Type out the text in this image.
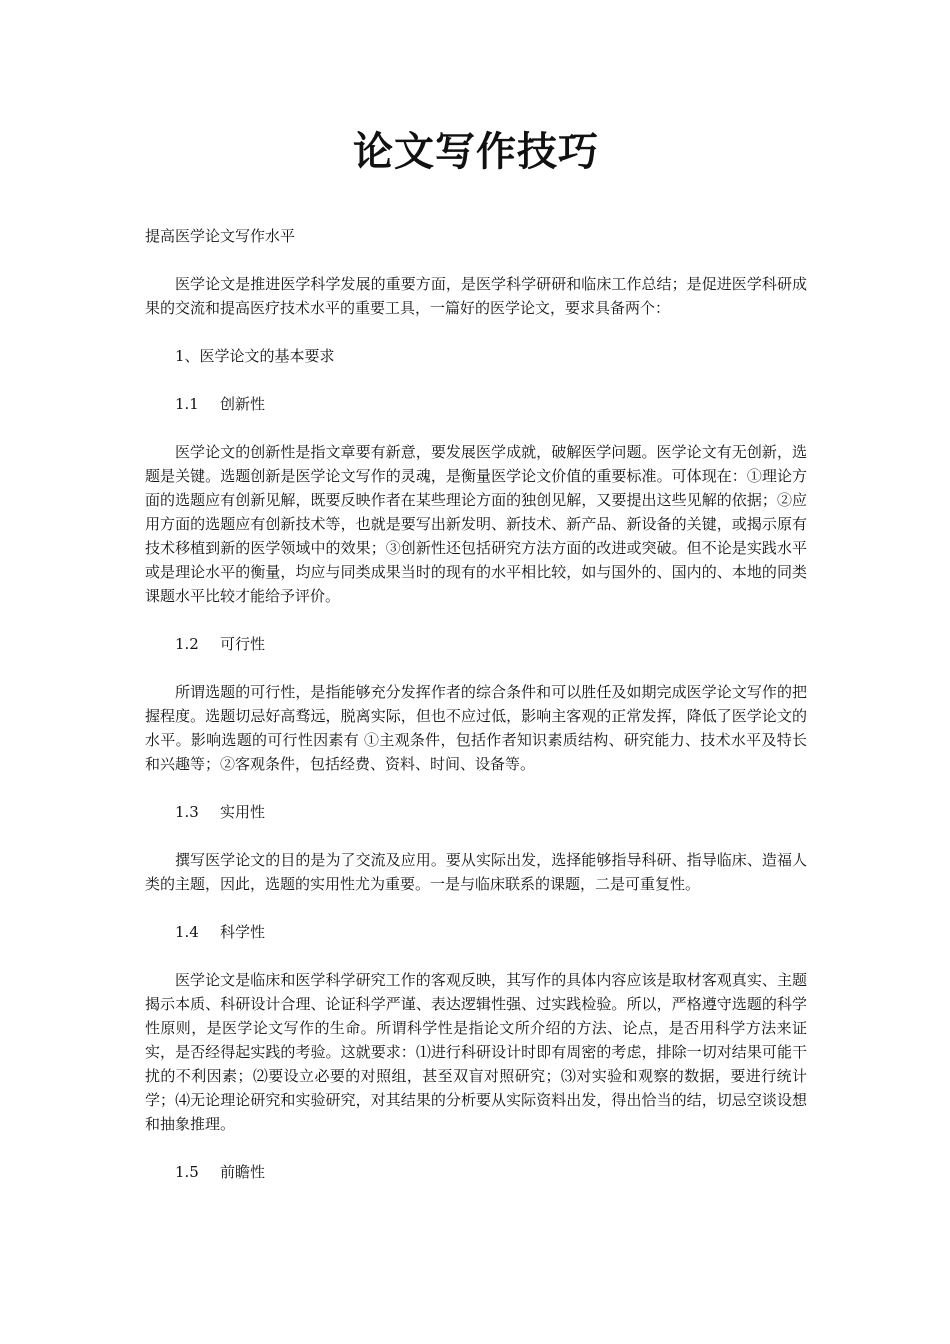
论文写作技巧

提高医学论文写作水平

医学论文是推进医学科学发展的重要方面，是医学科学研研和临床工作总结；是促进医学科研成果的交流和提高医疗技术水平的重要工具，一篇好的医学论文，要求具备两个：

1、医学论文的基本要求

1.1 创新性

医学论文的创新性是指文章要有新意，要发展医学成就，破解医学问题。医学论文有无创新，选题是关键。选题创新是医学论文写作的灵魂，是衡量医学论文价值的重要标准。可体现在：①理论方面的选题应有创新见解，既要反映作者在某些理论方面的独创见解，又要提出这些见解的依据；②应用方面的选题应有创新技术等，也就是要写出新发明、新技术、新产品、新设备的关键，或揭示原有技术移植到新的医学领域中的效果；③创新性还包括研究方法方面的改进或突破。但不论是实践水平或是理论水平的衡量，均应与同类成果当时的现有的水平相比较，如与国外的、国内的、本地的同类课题水平比较才能给予评价。

1.2 可行性

所谓选题的可行性，是指能够充分发挥作者的综合条件和可以胜任及如期完成医学论文写作的把握程度。选题切忌好高骛远，脱离实际，但也不应过低，影响主客观的正常发挥，降低了医学论文的水平。影响选题的可行性因素有 ①主观条件，包括作者知识素质结构、研究能力、技术水平及特长和兴趣等；②客观条件，包括经费、资料、时间、设备等。

1.3 实用性

撰写医学论文的目的是为了交流及应用。要从实际出发，选择能够指导科研、指导临床、造福人类的主题，因此，选题的实用性尤为重要。一是与临床联系的课题，二是可重复性。

1.4 科学性

医学论文是临床和医学科学研究工作的客观反映，其写作的具体内容应该是取材客观真实、主题揭示本质、科研设计合理、论证科学严谨、表达逻辑性强、过实践检验。所以，严格遵守选题的科学性原则，是医学论文写作的生命。所谓科学性是指论文所介绍的方法、论点，是否用科学方法来证实，是否经得起实践的考验。这就要求：⑴进行科研设计时即有周密的考虑，排除一切对结果可能干扰的不利因素；⑵要设立必要的对照组，甚至双盲对照研究；⑶对实验和观察的数据，要进行统计学；⑷无论理论研究和实验研究，对其结果的分析要从实际资料出发，得出恰当的结，切忌空谈设想和抽象推理。

1.5 前瞻性
